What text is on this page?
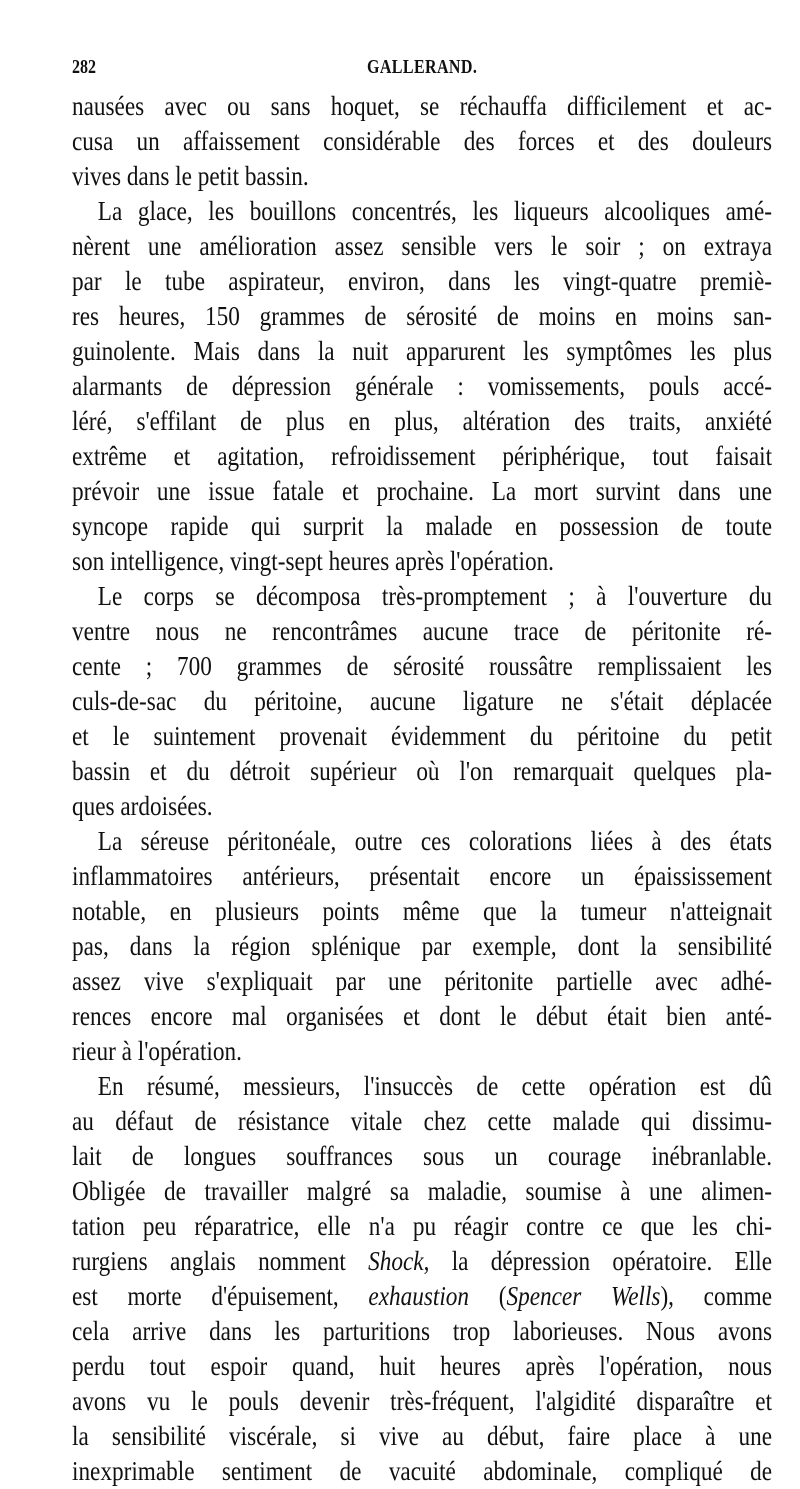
282	GALLERAND.
nausées avec ou sans hoquet, se réchauffa difficilement et ac-
cusa un affaissement considérable des forces et des douleurs
vives dans le petit bassin.
La glace, les bouillons concentrés, les liqueurs alcooliques amé-
nèrent une amélioration assez sensible vers le soir ; on extraya
par le tube aspirateur, environ, dans les vingt-quatre premiè-
res heures, 150 grammes de sérosité de moins en moins san-
guinolente. Mais dans la nuit apparurent les symptômes les plus
alarmants de dépression générale : vomissements, pouls accé-
léré, s'effilant de plus en plus, altération des traits, anxiété
extrême et agitation, refroidissement périphérique, tout faisait
prévoir une issue fatale et prochaine. La mort survint dans une
syncope rapide qui surprit la malade en possession de toute
son intelligence, vingt-sept heures après l'opération.
Le corps se décomposa très-promptement ; à l'ouverture du
ventre nous ne rencontrâmes aucune trace de péritonite ré-
cente ; 700 grammes de sérosité roussâtre remplissaient les
culs-de-sac du péritoine, aucune ligature ne s'était déplacée
et le suintement provenait évidemment du péritoine du petit
bassin et du détroit supérieur où l'on remarquait quelques pla-
ques ardoisées.
La séreuse péritonéale, outre ces colorations liées à des états
inflammatoires antérieurs, présentait encore un épaississement
notable, en plusieurs points même que la tumeur n'atteignait
pas, dans la région splénique par exemple, dont la sensibilité
assez vive s'expliquait par une péritonite partielle avec adhé-
rences encore mal organisées et dont le début était bien anté-
rieur à l'opération.
En résumé, messieurs, l'insuccès de cette opération est dû
au défaut de résistance vitale chez cette malade qui dissimu-
lait de longues souffrances sous un courage inébranlable.
Obligée de travailler malgré sa maladie, soumise à une alimen-
tation peu réparatrice, elle n'a pu réagir contre ce que les chi-
rurgiens anglais nomment Shock, la dépression opératoire. Elle
est morte d'épuisement, exhaustion (Spencer Wells), comme
cela arrive dans les parturitions trop laborieuses. Nous avons
perdu tout espoir quand, huit heures après l'opération, nous
avons vu le pouls devenir très-fréquent, l'algidité disparaître et
la sensibilité viscérale, si vive au début, faire place à une
inexprimable sentiment de vacuité abdominale, compliqué de
